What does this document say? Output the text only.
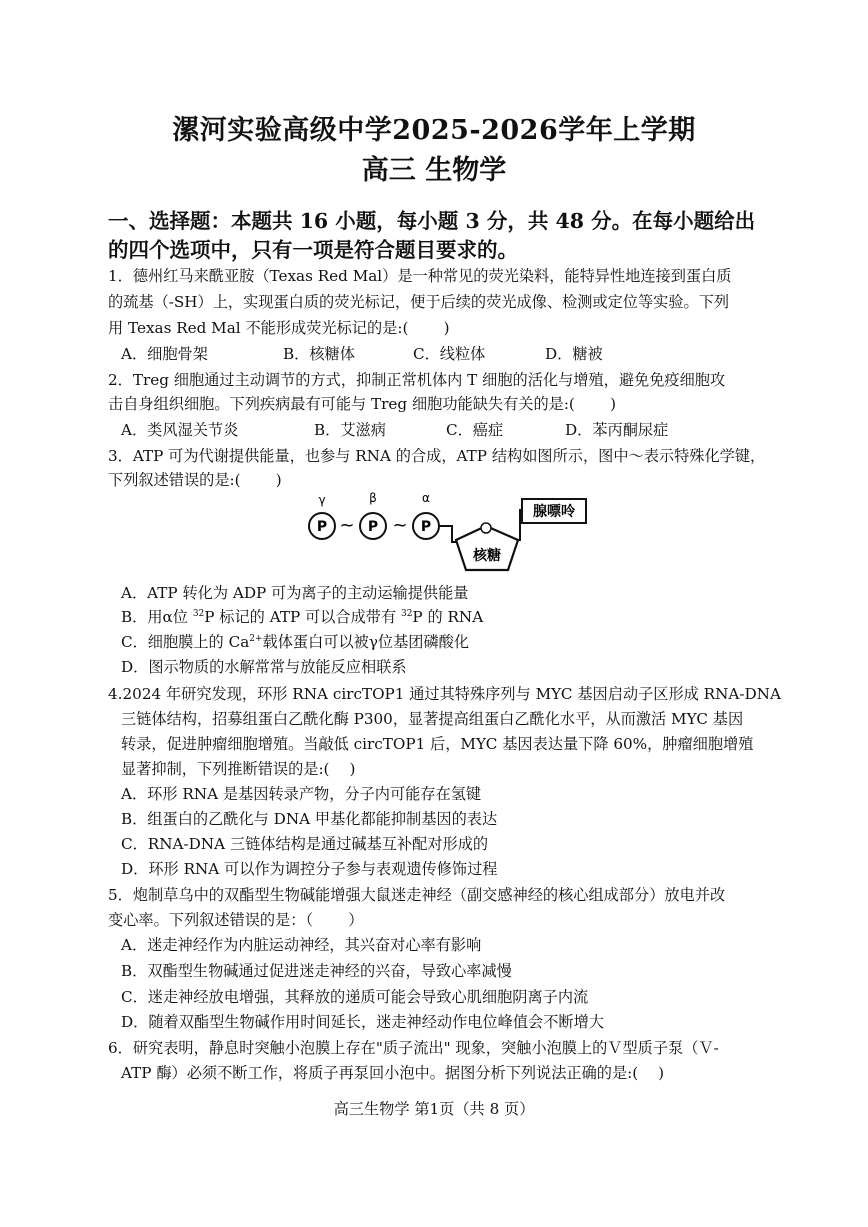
漯河实验高级中学2025-2026学年上学期
高三 生物学
一、选择题：本题共 16 小题，每小题 3 分，共 48 分。在每小题给出
的四个选项中，只有一项是符合题目要求的。
1．德州红马来酰亚胺（Texas Red Mal）是一种常见的荧光染料，能特异性地连接到蛋白质
的巯基（-SH）上，实现蛋白质的荧光标记，便于后续的荧光成像、检测或定位等实验。下列
用 Texas Red Mal 不能形成荧光标记的是:(　　 )
A．细胞骨架	B．核糖体	C．线粒体	D．糖被
2．Treg 细胞通过主动调节的方式，抑制正常机体内 T 细胞的活化与增殖，避免免疫细胞攻
击自身组织细胞。下列疾病最有可能与 Treg 细胞功能缺失有关的是:(　　 )
A．类风湿关节炎	B．艾滋病	C．癌症	D．苯丙酮尿症
3．ATP 可为代谢提供能量，也参与 RNA 的合成，ATP 结构如图所示，图中～表示特殊化学键，
下列叙述错误的是:(　　 )
γ	β	α
P ~ P ~ P
核糖
腺嘌呤
A．ATP 转化为 ADP 可为离子的主动运输提供能量
B．用α位 $^{32}$P 标记的 ATP 可以合成带有 $^{32}$P 的 RNA
C．细胞膜上的 $Ca^{2+}$载体蛋白可以被γ位基团磷酸化
D．图示物质的水解常常与放能反应相联系
4.2024 年研究发现，环形 RNA circTOP1 通过其特殊序列与 MYC 基因启动子区形成 RNA-DNA
三链体结构，招募组蛋白乙酰化酶 P300，显著提高组蛋白乙酰化水平，从而激活 MYC 基因
转录，促进肿瘤细胞增殖。当敲低 circTOP1 后，MYC 基因表达量下降 60%，肿瘤细胞增殖
显著抑制，下列推断错误的是:(　 )
A．环形 RNA 是基因转录产物，分子内可能存在氢键
B．组蛋白的乙酰化与 DNA 甲基化都能抑制基因的表达
C．RNA-DNA 三链体结构是通过碱基互补配对形成的
D．环形 RNA 可以作为调控分子参与表观遗传修饰过程
5．炮制草乌中的双酯型生物碱能增强大鼠迷走神经（副交感神经的核心组成部分）放电并改
变心率。下列叙述错误的是：（　　 ）
A．迷走神经作为内脏运动神经，其兴奋对心率有影响
B．双酯型生物碱通过促进迷走神经的兴奋，导致心率减慢
C．迷走神经放电增强，其释放的递质可能会导致心肌细胞阴离子内流
D．随着双酯型生物碱作用时间延长，迷走神经动作电位峰值会不断增大
6．研究表明，静息时突触小泡膜上存在"质子流出" 现象，突触小泡膜上的Ｖ型质子泵（Ｖ-
ATP 酶）必须不断工作，将质子再泵回小泡中。据图分析下列说法正确的是:(　 )
高三生物学 第1页（共 8 页）
